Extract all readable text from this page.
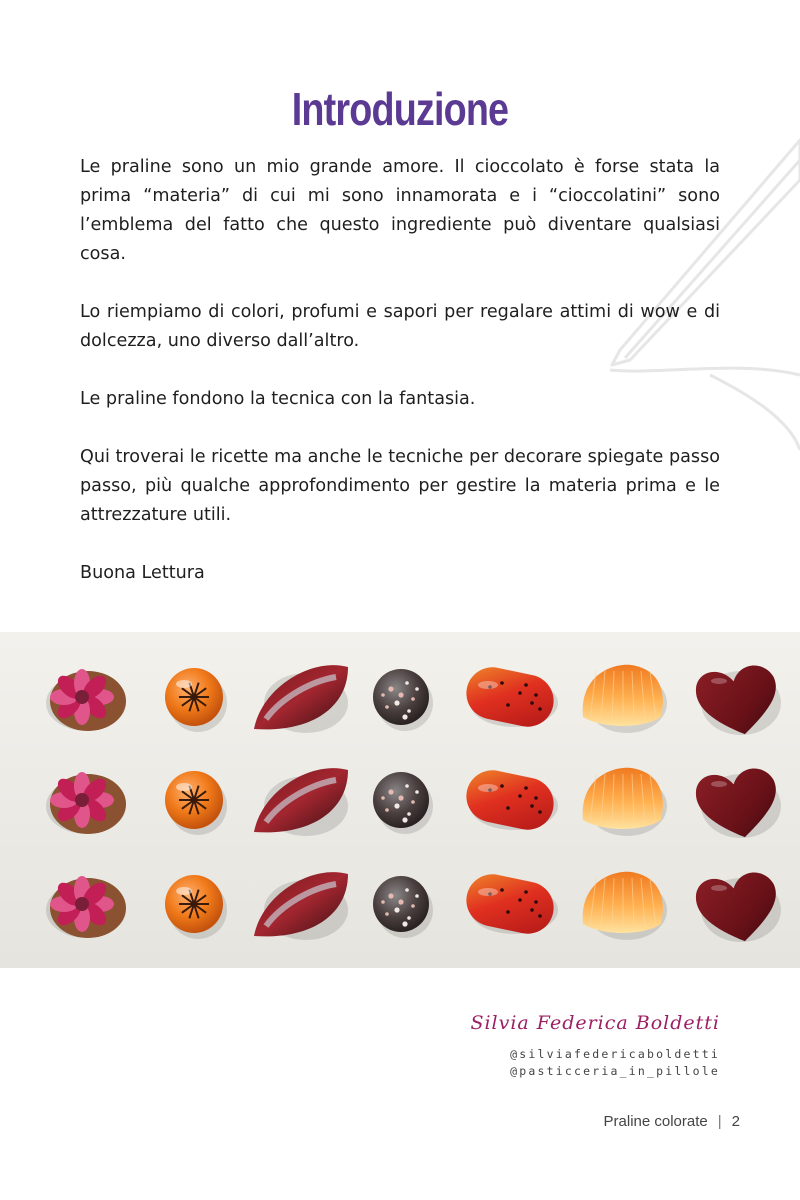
Introduzione

Le praline sono un mio grande amore. Il cioccolato è forse stata la prima “materia” di cui mi sono innamorata e i “cioccolatini” sono l’emblema del fatto che questo ingrediente può diventare qualsiasi cosa.

Lo riempiamo di colori, profumi e sapori per regalare attimi di wow e di dolcezza, uno diverso dall’altro.

Le praline fondono la tecnica con la fantasia.

Qui troverai le ricette ma anche le tecniche per decorare spiegate passo passo, più qualche approfondimento per gestire la materia prima e le attrezzature utili.

Buona Lettura

Silvia Federica Boldetti
@silviafedericaboldetti
@pasticceria_in_pillole
Praline colorate | 2
